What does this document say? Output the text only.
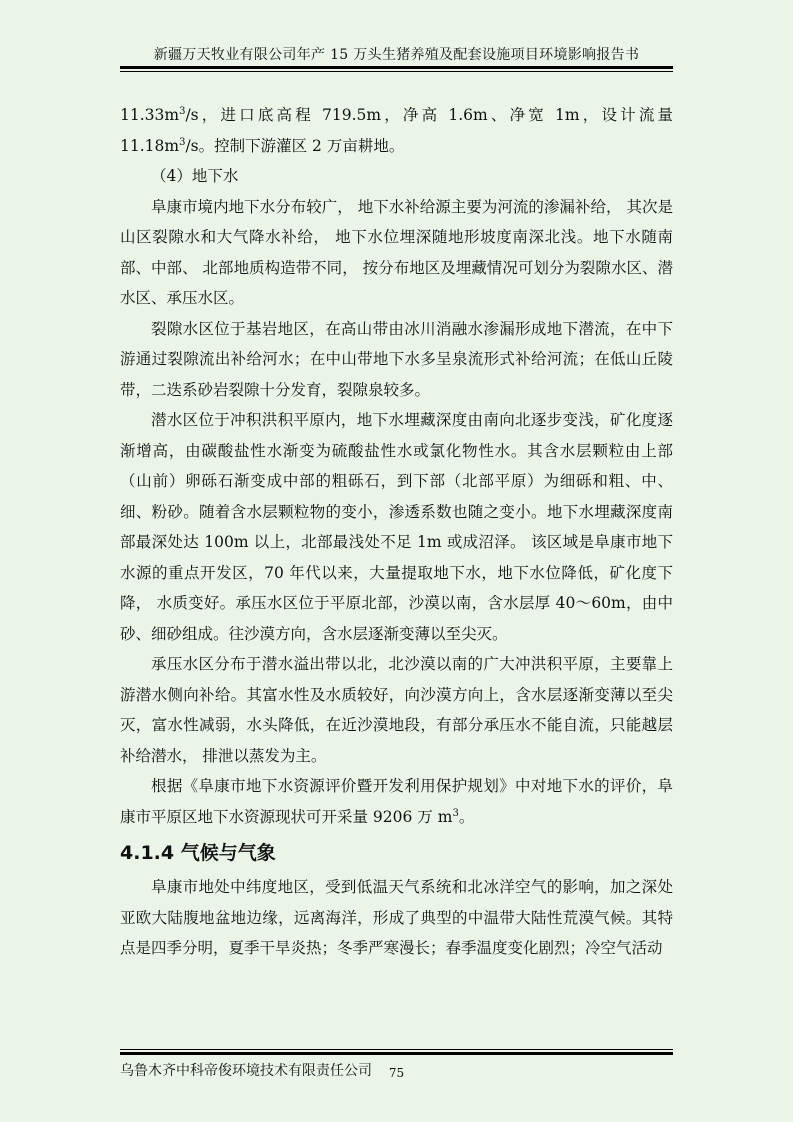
新疆万天牧业有限公司年产 15 万头生猪养殖及配套设施项目环境影响报告书

$11.33m^3/s$，进口底高程 719.5m，净高 1.6m、净宽 1m，设计流量 $11.18m^3/s$。控制下游灌区 2 万亩耕地。

（4）地下水

阜康市境内地下水分布较广， 地下水补给源主要为河流的渗漏补给， 其次是山区裂隙水和大气降水补给， 地下水位埋深随地形坡度南深北浅。地下水随南部、中部、 北部地质构造带不同， 按分布地区及埋藏情况可划分为裂隙水区、潜水区、承压水区。

裂隙水区位于基岩地区，在高山带由冰川消融水渗漏形成地下潜流，在中下游通过裂隙流出补给河水；在中山带地下水多呈泉流形式补给河流；在低山丘陵带，二迭系砂岩裂隙十分发育，裂隙泉较多。

潜水区位于冲积洪积平原内，地下水埋藏深度由南向北逐步变浅，矿化度逐渐增高，由碳酸盐性水渐变为硫酸盐性水或氯化物性水。其含水层颗粒由上部（山前）卵砾石渐变成中部的粗砾石，到下部（北部平原）为细砾和粗、中、细、粉砂。随着含水层颗粒物的变小，渗透系数也随之变小。地下水埋藏深度南部最深处达 100m 以上，北部最浅处不足 1m 或成沼泽。 该区域是阜康市地下水源的重点开发区，70 年代以来，大量提取地下水，地下水位降低，矿化度下降， 水质变好。承压水区位于平原北部，沙漠以南，含水层厚 40～60m，由中砂、细砂组成。往沙漠方向，含水层逐渐变薄以至尖灭。

承压水区分布于潜水溢出带以北，北沙漠以南的广大冲洪积平原，主要靠上游潜水侧向补给。其富水性及水质较好，向沙漠方向上，含水层逐渐变薄以至尖灭，富水性减弱，水头降低，在近沙漠地段，有部分承压水不能自流，只能越层补给潜水， 排泄以蒸发为主。

根据《阜康市地下水资源评价暨开发利用保护规划》中对地下水的评价，阜康市平原区地下水资源现状可开采量 9206 万 $m^3$。

4.1.4 气候与气象

阜康市地处中纬度地区，受到低温天气系统和北冰洋空气的影响，加之深处亚欧大陆腹地盆地边缘，远离海洋，形成了典型的中温带大陆性荒漠气候。其特点是四季分明，夏季干旱炎热；冬季严寒漫长；春季温度变化剧烈；冷空气活动

乌鲁木齐中科帝俊环境技术有限责任公司	75
